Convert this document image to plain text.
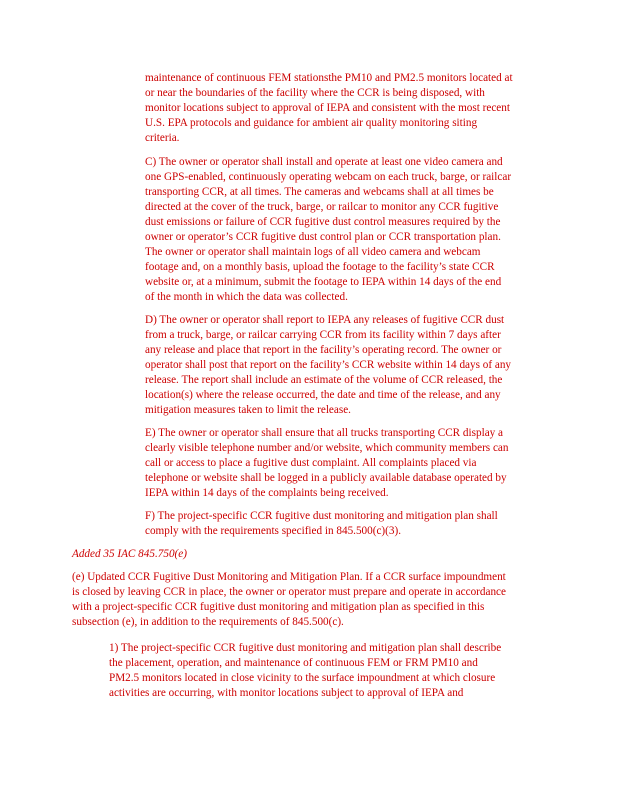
maintenance of continuous FEM stationsthe PM10 and PM2.5 monitors located at
or near the boundaries of the facility where the CCR is being disposed, with
monitor locations subject to approval of IEPA and consistent with the most recent
U.S. EPA protocols and guidance for ambient air quality monitoring siting
criteria.
C) The owner or operator shall install and operate at least one video camera and
one GPS-enabled, continuously operating webcam on each truck, barge, or railcar
transporting CCR, at all times. The cameras and webcams shall at all times be
directed at the cover of the truck, barge, or railcar to monitor any CCR fugitive
dust emissions or failure of CCR fugitive dust control measures required by the
owner or operator’s CCR fugitive dust control plan or CCR transportation plan.
The owner or operator shall maintain logs of all video camera and webcam
footage and, on a monthly basis, upload the footage to the facility’s state CCR
website or, at a minimum, submit the footage to IEPA within 14 days of the end
of the month in which the data was collected.
D) The owner or operator shall report to IEPA any releases of fugitive CCR dust
from a truck, barge, or railcar carrying CCR from its facility within 7 days after
any release and place that report in the facility’s operating record. The owner or
operator shall post that report on the facility’s CCR website within 14 days of any
release. The report shall include an estimate of the volume of CCR released, the
location(s) where the release occurred, the date and time of the release, and any
mitigation measures taken to limit the release.
E) The owner or operator shall ensure that all trucks transporting CCR display a
clearly visible telephone number and/or website, which community members can
call or access to place a fugitive dust complaint. All complaints placed via
telephone or website shall be logged in a publicly available database operated by
IEPA within 14 days of the complaints being received.
F) The project-specific CCR fugitive dust monitoring and mitigation plan shall
comply with the requirements specified in 845.500(c)(3).
Added 35 IAC 845.750(e)
(e) Updated CCR Fugitive Dust Monitoring and Mitigation Plan. If a CCR surface impoundment
is closed by leaving CCR in place, the owner or operator must prepare and operate in accordance
with a project-specific CCR fugitive dust monitoring and mitigation plan as specified in this
subsection (e), in addition to the requirements of 845.500(c).
1) The project-specific CCR fugitive dust monitoring and mitigation plan shall describe
the placement, operation, and maintenance of continuous FEM or FRM PM10 and
PM2.5 monitors located in close vicinity to the surface impoundment at which closure
activities are occurring, with monitor locations subject to approval of IEPA and
